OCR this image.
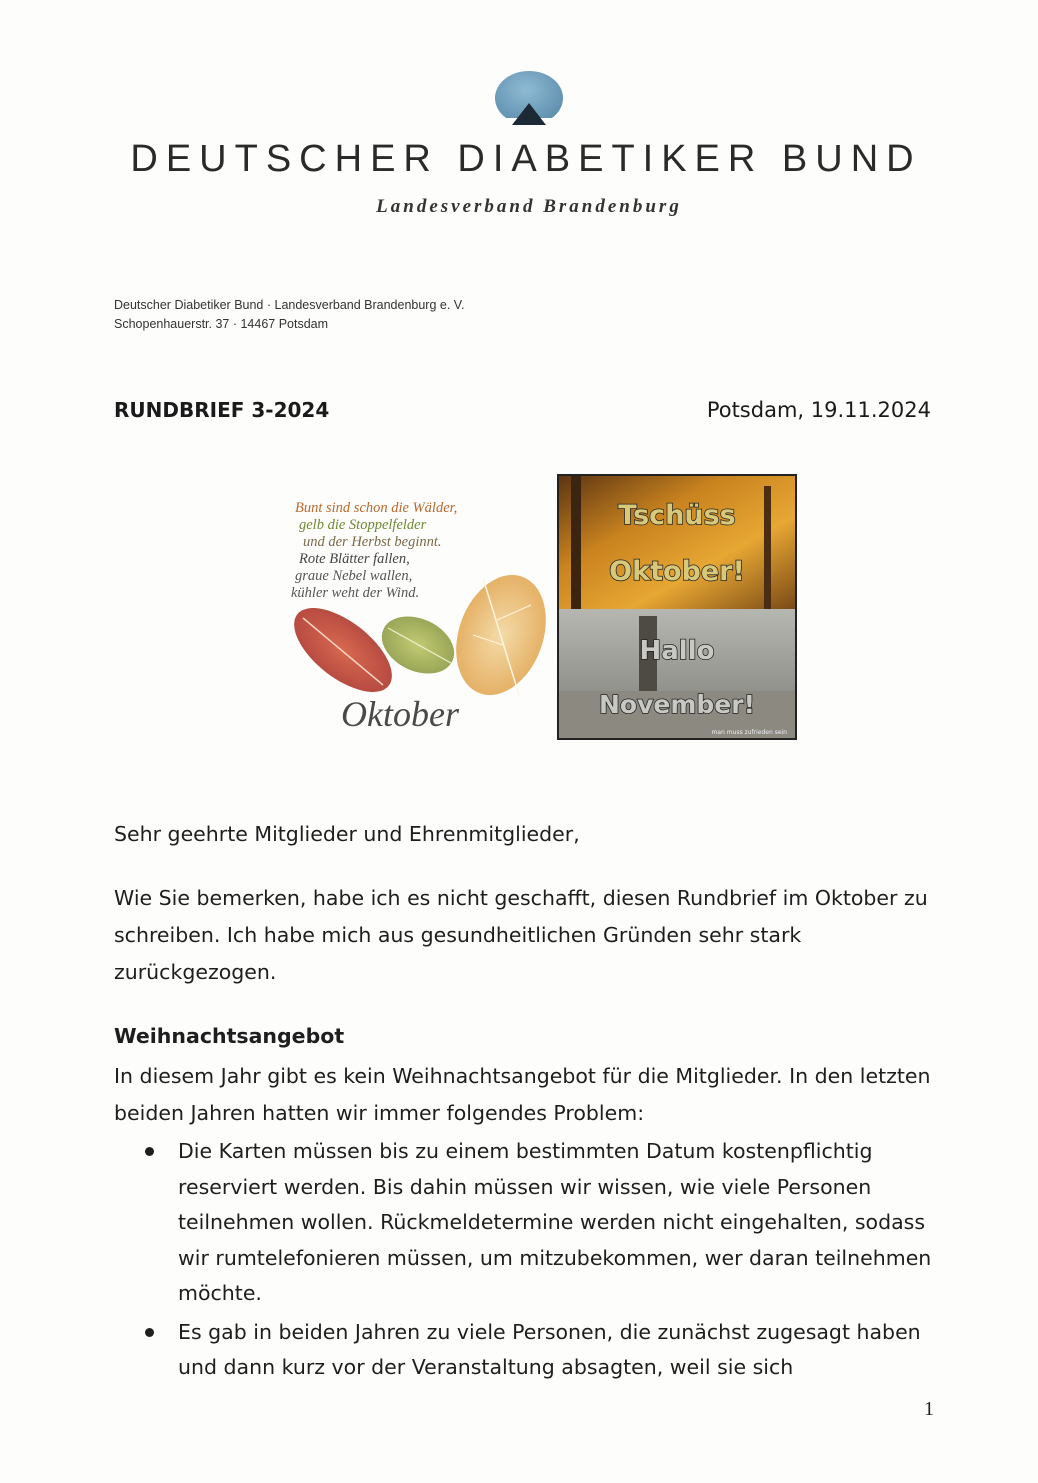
DEUTSCHER DIABETIKER BUND
Landesverband Brandenburg
Deutscher Diabetiker Bund · Landesverband Brandenburg e. V.
Schopenhauerstr. 37 · 14467 Potsdam
RUNDBRIEF 3-2024	Potsdam, 19.11.2024
Bunt sind schon die Wälder,
gelb die Stoppelfelder
und der Herbst beginnt.
Rote Blätter fallen,
graue Nebel wallen,
kühler weht der Wind.
Oktober
Tschüss
Oktober!
Hallo
November!
man muss zufrieden sein
Sehr geehrte Mitglieder und Ehrenmitglieder,
Wie Sie bemerken, habe ich es nicht geschafft, diesen Rundbrief im Oktober zu schreiben. Ich habe mich aus gesundheitlichen Gründen sehr stark zurückgezogen.
Weihnachtsangebot
In diesem Jahr gibt es kein Weihnachtsangebot für die Mitglieder. In den letzten beiden Jahren hatten wir immer folgendes Problem:
Die Karten müssen bis zu einem bestimmten Datum kostenpflichtig reserviert werden. Bis dahin müssen wir wissen, wie viele Personen teilnehmen wollen. Rückmeldetermine werden nicht eingehalten, sodass wir rumtelefonieren müssen, um mitzubekommen, wer daran teilnehmen möchte.
Es gab in beiden Jahren zu viele Personen, die zunächst zugesagt haben und dann kurz vor der Veranstaltung absagten, weil sie sich
1
